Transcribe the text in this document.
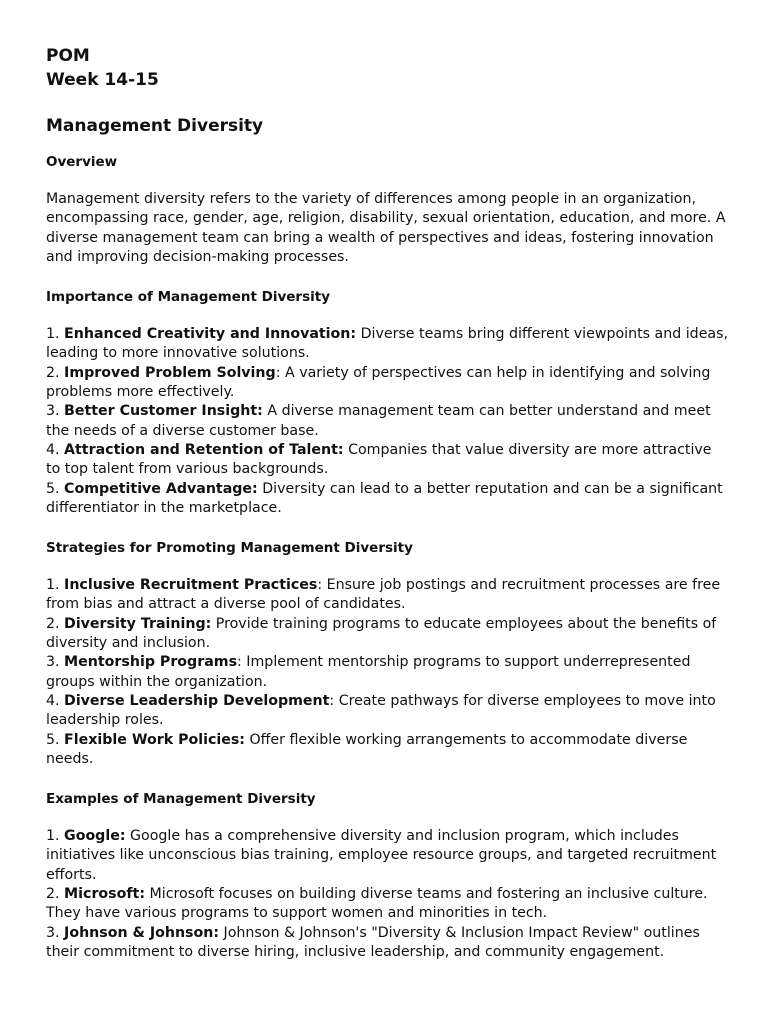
POM
Week 14-15
Management Diversity
Overview

Management diversity refers to the variety of differences among people in an organization, encompassing race, gender, age, religion, disability, sexual orientation, education, and more. A diverse management team can bring a wealth of perspectives and ideas, fostering innovation and improving decision-making processes.

Importance of Management Diversity
1. Enhanced Creativity and Innovation: Diverse teams bring different viewpoints and ideas, leading to more innovative solutions.
2. Improved Problem Solving: A variety of perspectives can help in identifying and solving problems more effectively.
3. Better Customer Insight: A diverse management team can better understand and meet the needs of a diverse customer base.
4. Attraction and Retention of Talent: Companies that value diversity are more attractive to top talent from various backgrounds.
5. Competitive Advantage: Diversity can lead to a better reputation and can be a significant differentiator in the marketplace.
Strategies for Promoting Management Diversity
1. Inclusive Recruitment Practices: Ensure job postings and recruitment processes are free from bias and attract a diverse pool of candidates.
2. Diversity Training: Provide training programs to educate employees about the benefits of diversity and inclusion.
3. Mentorship Programs: Implement mentorship programs to support underrepresented groups within the organization.
4. Diverse Leadership Development: Create pathways for diverse employees to move into leadership roles.
5. Flexible Work Policies: Offer flexible working arrangements to accommodate diverse needs.
Examples of Management Diversity
1. Google: Google has a comprehensive diversity and inclusion program, which includes initiatives like unconscious bias training, employee resource groups, and targeted recruitment efforts.
2. Microsoft: Microsoft focuses on building diverse teams and fostering an inclusive culture. They have various programs to support women and minorities in tech.
3. Johnson & Johnson: Johnson & Johnson's "Diversity & Inclusion Impact Review" outlines their commitment to diverse hiring, inclusive leadership, and community engagement.
